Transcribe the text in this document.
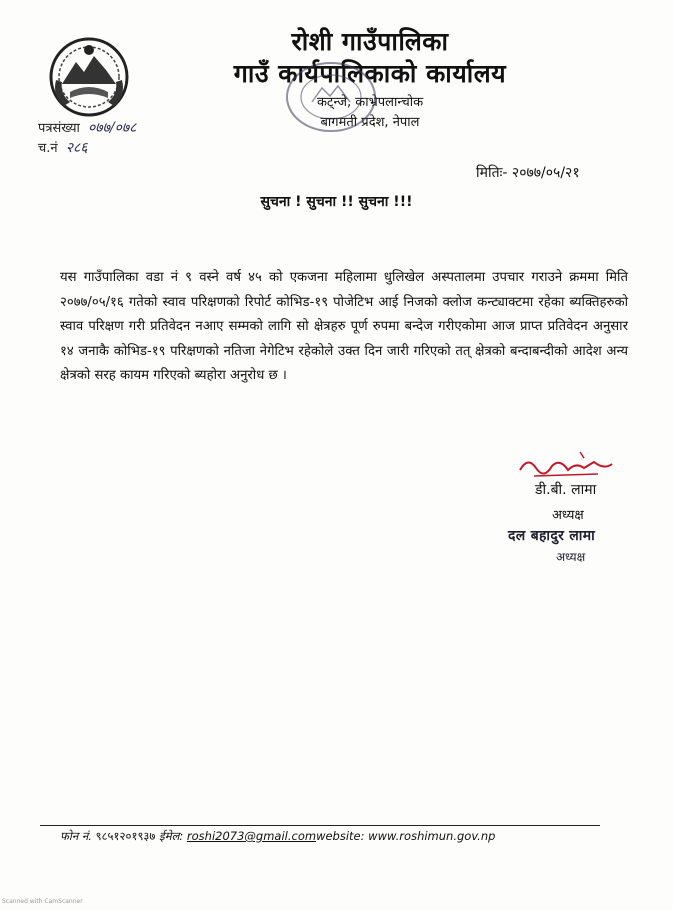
रोशी गाउँपालिका
गाउँ कार्यपालिकाको कार्यालय
कट्न्जे, काभ्रेपलान्चोक
बागमती प्रदेश, नेपाल
पत्रसंख्या ०७७/०७८
च.नं २८६
मितिः- २०७७/०५/२१
सुचना ! सुचना !! सुचना !!!
यस गाउँपालिका वडा नं ९ वस्ने वर्ष ४५ को एकजना महिलामा धुलिखेल अस्पतालमा उपचार गराउने क्रममा मिति २०७७/०५/१६ गतेको स्वाव परिक्षणको रिपोर्ट कोभिड-१९ पोजेटिभ आई निजको क्लोज कन्ट्याक्टमा रहेका ब्यक्तिहरुको स्वाव परिक्षण गरी प्रतिवेदन नआए सम्मको लागि सो क्षेत्रहरु पूर्ण रुपमा बन्देज गरीएकोमा आज प्राप्त प्रतिवेदन अनुसार १४ जनाकै कोभिड-१९ परिक्षणको नतिजा नेगेटिभ रहेकोले उक्त दिन जारी गरिएको तत् क्षेत्रको बन्दाबन्दीको आदेश अन्य क्षेत्रको सरह कायम गरिएको ब्यहोरा अनुरोध छ ।
डी.बी. लामा
अध्यक्ष
दल बहादुर लामा
अध्यक्ष
फोन नं. ९८५१२०१९३७ ईमेल: roshi2073@gmail.comwebsite: www.roshimun.gov.np
Scanned with CamScanner
